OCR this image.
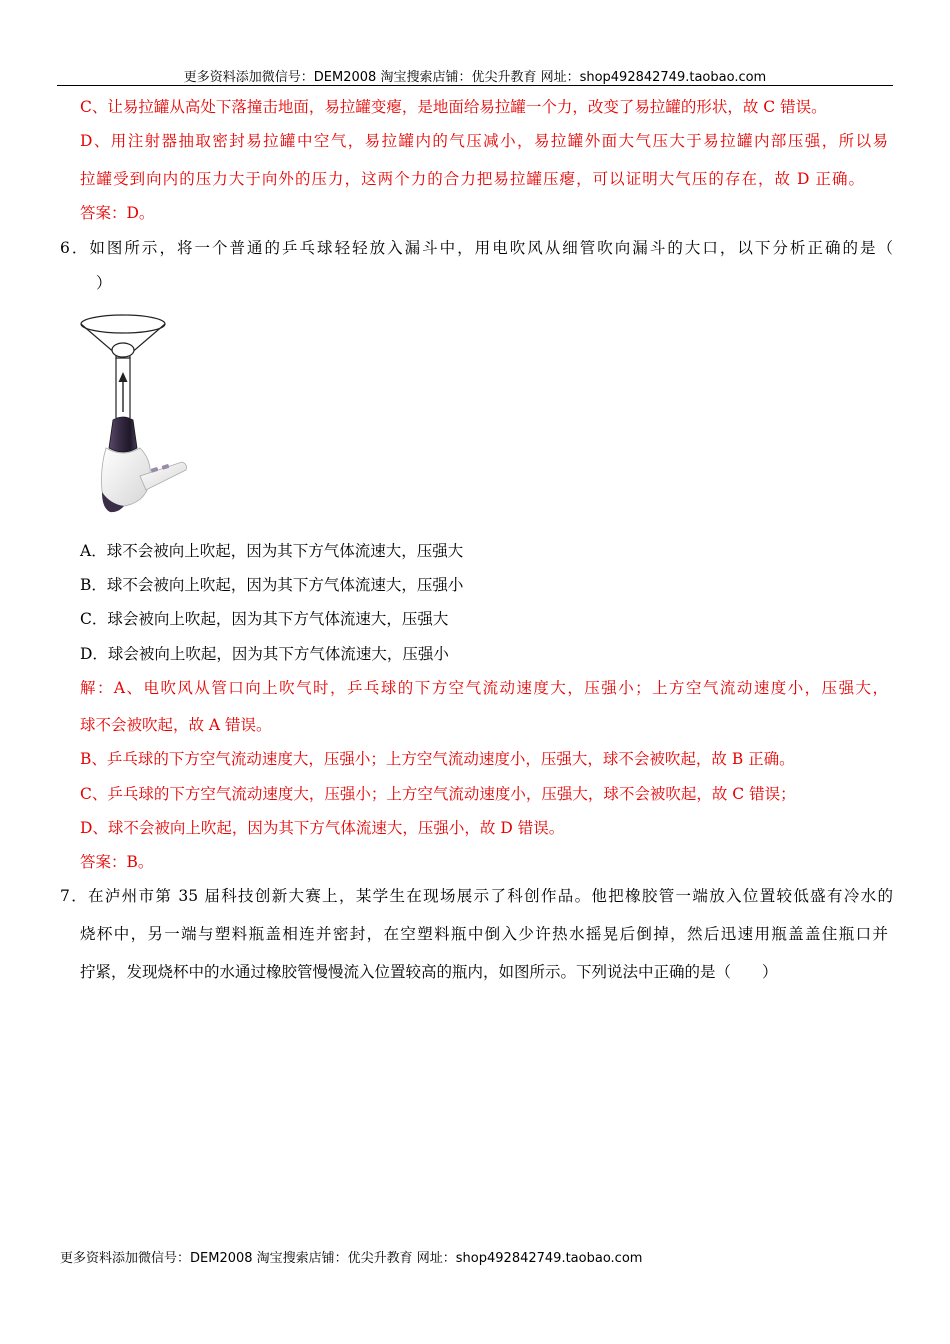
更多资料添加微信号：DEM2008 淘宝搜索店铺：优尖升教育 网址：shop492842749.taobao.com
C、让易拉罐从高处下落撞击地面，易拉罐变瘪，是地面给易拉罐一个力，改变了易拉罐的形状，故 C 错误。
D、用注射器抽取密封易拉罐中空气，易拉罐内的气压减小，易拉罐外面大气压大于易拉罐内部压强，所以易
拉罐受到向内的压力大于向外的压力，这两个力的合力把易拉罐压瘪，可以证明大气压的存在，故 D 正确。
答案：D。
6．如图所示，将一个普通的乒乓球轻轻放入漏斗中，用电吹风从细管吹向漏斗的大口，以下分析正确的是（
）
A．球不会被向上吹起，因为其下方气体流速大，压强大
B．球不会被向上吹起，因为其下方气体流速大，压强小
C．球会被向上吹起，因为其下方气体流速大，压强大
D．球会被向上吹起，因为其下方气体流速大，压强小
解：A、电吹风从管口向上吹气时，乒乓球的下方空气流动速度大，压强小；上方空气流动速度小，压强大，
球不会被吹起，故 A 错误。
B、乒乓球的下方空气流动速度大，压强小；上方空气流动速度小，压强大，球不会被吹起，故 B 正确。
C、乒乓球的下方空气流动速度大，压强小；上方空气流动速度小，压强大，球不会被吹起，故 C 错误；
D、球不会被向上吹起，因为其下方气体流速大，压强小，故 D 错误。
答案：B。
7．在泸州市第 35 届科技创新大赛上，某学生在现场展示了科创作品。他把橡胶管一端放入位置较低盛有冷水的
烧杯中，另一端与塑料瓶盖相连并密封，在空塑料瓶中倒入少许热水摇晃后倒掉，然后迅速用瓶盖盖住瓶口并
拧紧，发现烧杯中的水通过橡胶管慢慢流入位置较高的瓶内，如图所示。下列说法中正确的是（　　）
更多资料添加微信号：DEM2008 淘宝搜索店铺：优尖升教育 网址：shop492842749.taobao.com
